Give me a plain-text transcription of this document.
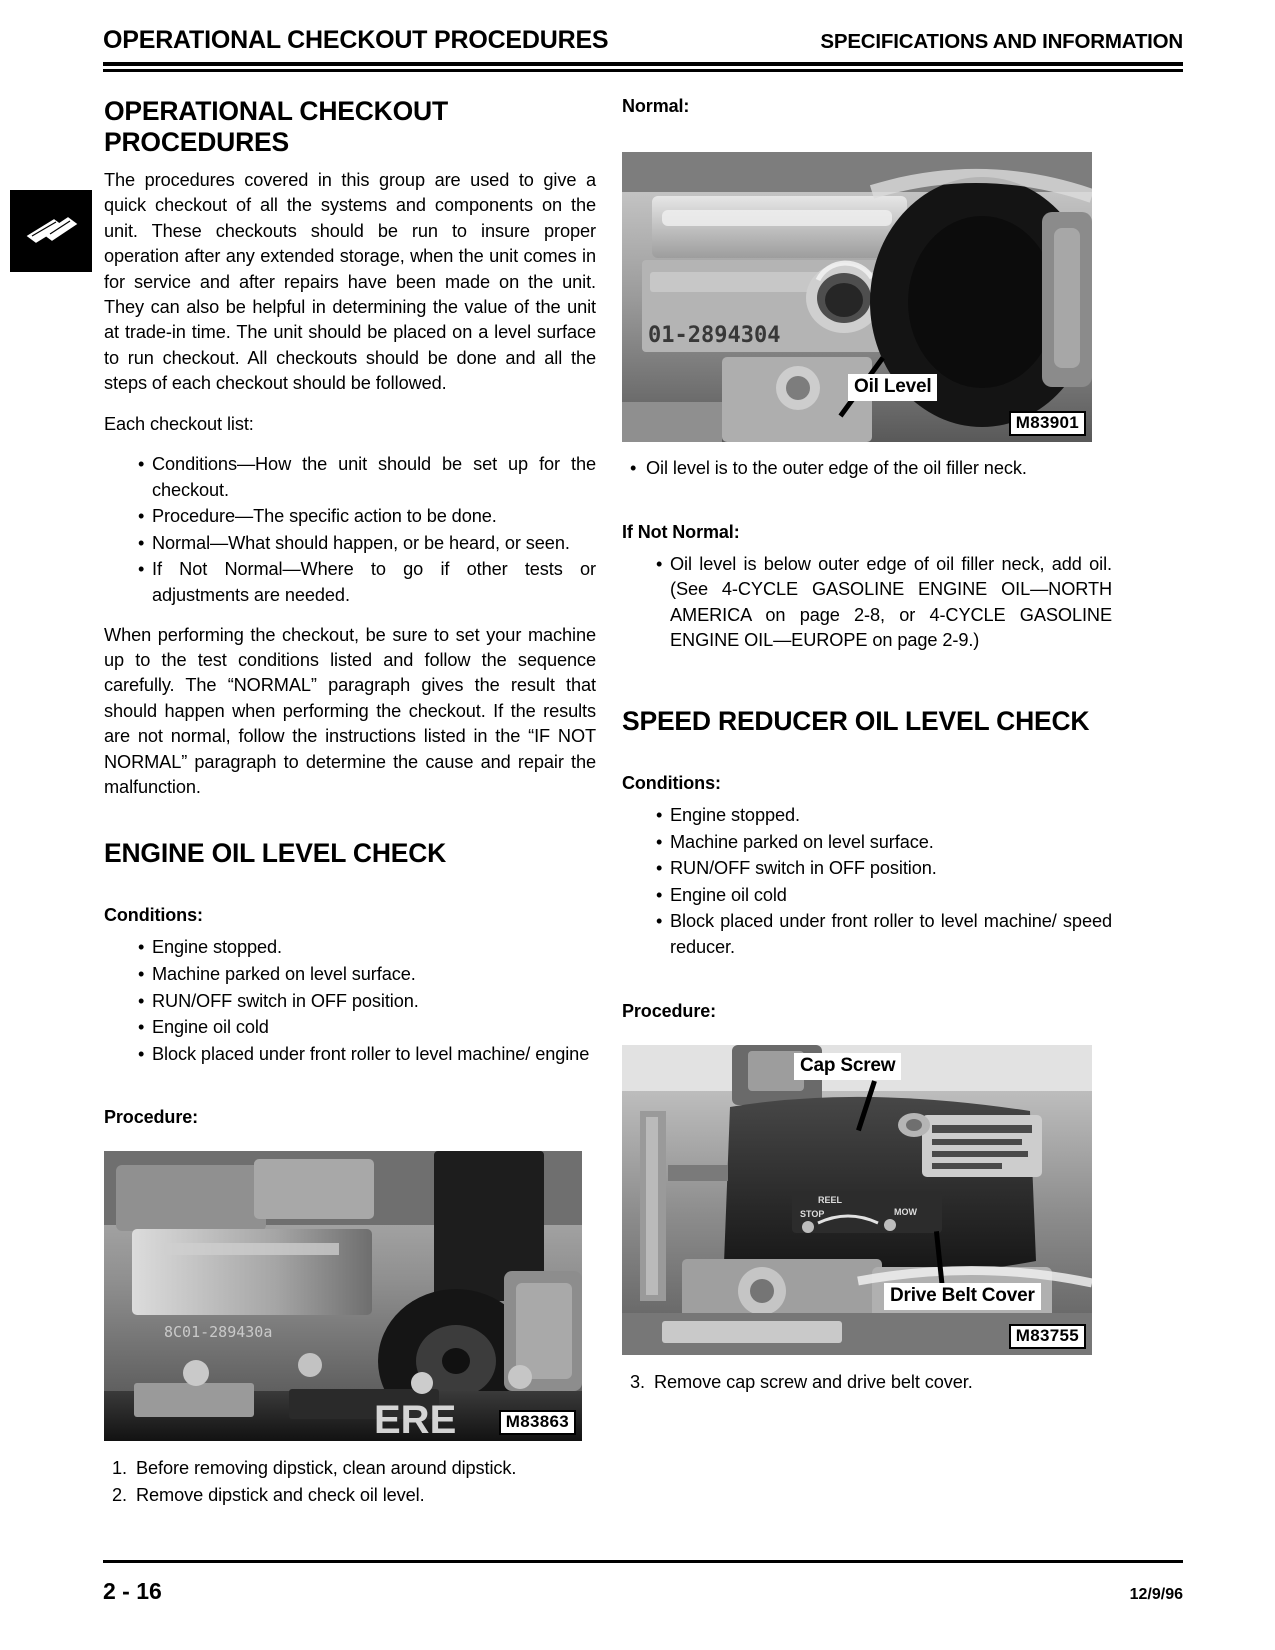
OPERATIONAL CHECKOUT PROCEDURES	SPECIFICATIONS AND INFORMATION
OPERATIONAL CHECKOUT PROCEDURES

The procedures covered in this group are used to give a quick checkout of all the systems and components on the unit. These checkouts should be run to insure proper operation after any extended storage, when the unit comes in for service and after repairs have been made on the unit. They can also be helpful in determining the value of the unit at trade-in time. The unit should be placed on a level surface to run checkout. All checkouts should be done and all the steps of each checkout should be followed.

Each checkout list:

• Conditions—How the unit should be set up for the checkout.
• Procedure—The specific action to be done.
• Normal—What should happen, or be heard, or seen.
• If Not Normal—Where to go if other tests or adjustments are needed.

When performing the checkout, be sure to set your machine up to the test conditions listed and follow the sequence carefully. The “NORMAL” paragraph gives the result that should happen when performing the checkout. If the results are not normal, follow the instructions listed in the “IF NOT NORMAL” paragraph to determine the cause and repair the malfunction.

ENGINE OIL LEVEL CHECK
Conditions:
• Engine stopped.
• Machine parked on level surface.
• RUN/OFF switch in OFF position.
• Engine oil cold
• Block placed under front roller to level machine/ engine
Procedure:
8C01-289430a
ERE	M83863
1. Before removing dipstick, clean around dipstick.
2. Remove dipstick and check oil level.
Normal:
01-2894304
Oil Level
M83901
• Oil level is to the outer edge of the oil filler neck.
If Not Normal:
• Oil level is below outer edge of oil filler neck, add oil. (See 4-CYCLE GASOLINE ENGINE OIL—NORTH AMERICA on page 2-8, or 4-CYCLE GASOLINE ENGINE OIL—EUROPE on page 2-9.)
SPEED REDUCER OIL LEVEL CHECK
Conditions:
• Engine stopped.
• Machine parked on level surface.
• RUN/OFF switch in OFF position.
• Engine oil cold
• Block placed under front roller to level machine/ speed reducer.
Procedure:
REEL
STOP	MOW
Cap Screw
Drive Belt Cover
M83755
3. Remove cap screw and drive belt cover.
2 - 16	12/9/96
